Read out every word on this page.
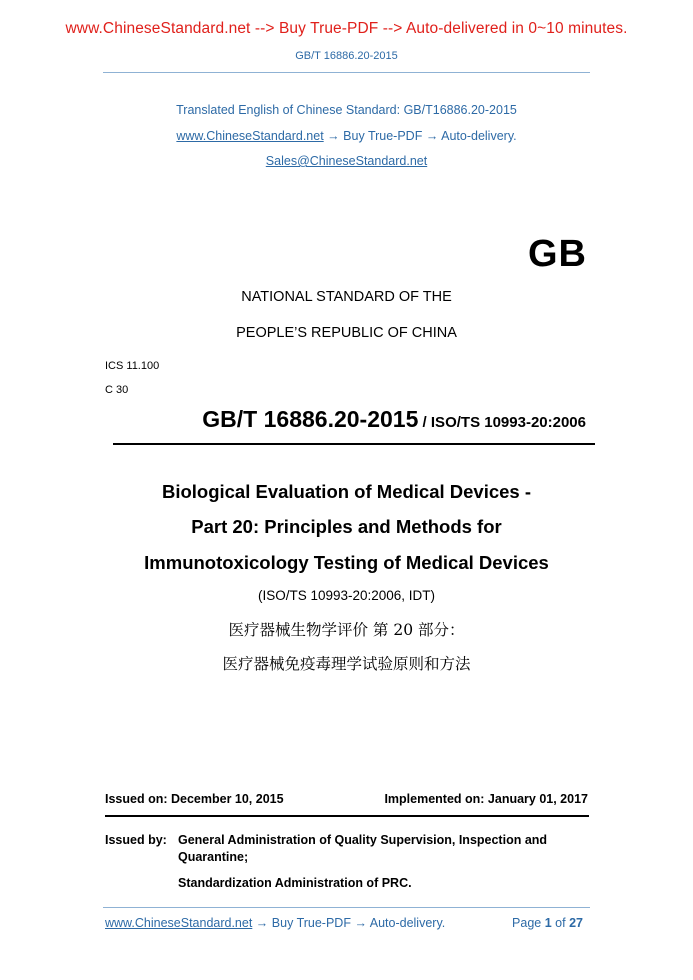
www.ChineseStandard.net --> Buy True-PDF --> Auto-delivered in 0~10 minutes.
GB/T 16886.20-2015
Translated English of Chinese Standard: GB/T16886.20-2015
www.ChineseStandard.net → Buy True-PDF → Auto-delivery.
Sales@ChineseStandard.net
GB
NATIONAL STANDARD OF THE
PEOPLE’S REPUBLIC OF CHINA
ICS 11.100
C 30
GB/T 16886.20-2015 / ISO/TS 10993-20:2006
Biological Evaluation of Medical Devices -
Part 20: Principles and Methods for
Immunotoxicology Testing of Medical Devices
(ISO/TS 10993-20:2006, IDT)
医疗器械生物学评价 第 20 部分：
医疗器械免疫毒理学试验原则和方法
Issued on: December 10, 2015	Implemented on: January 01, 2017
Issued by: General Administration of Quality Supervision, Inspection and
Quarantine;
Standardization Administration of PRC.
www.ChineseStandard.net → Buy True-PDF → Auto-delivery.	Page 1 of 27
